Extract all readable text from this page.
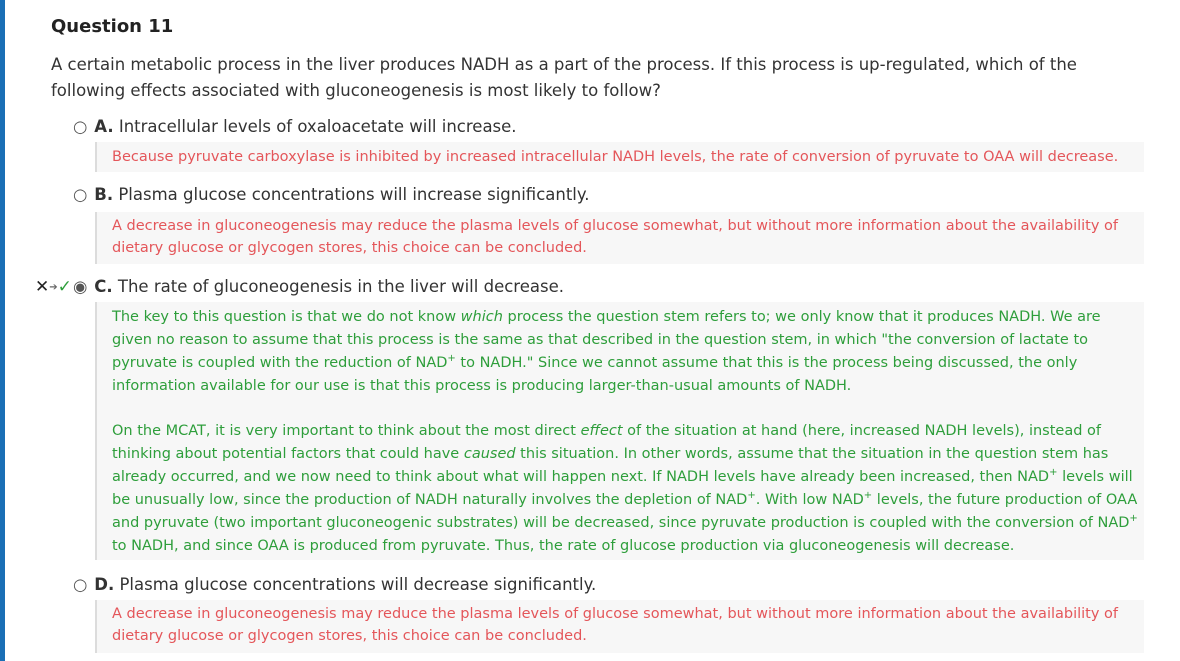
Question 11
A certain metabolic process in the liver produces NADH as a part of the process. If this process is up-regulated, which of the following effects associated with gluconeogenesis is most likely to follow?
○ A. Intracellular levels of oxaloacetate will increase.

Because pyruvate carboxylase is inhibited by increased intracellular NADH levels, the rate of conversion of pyruvate to OAA will decrease.

○ B. Plasma glucose concentrations will increase significantly.

A decrease in gluconeogenesis may reduce the plasma levels of glucose somewhat, but without more information about the availability of dietary glucose or glycogen stores, this choice can be concluded.

✕➔✓ ◉ C. The rate of gluconeogenesis in the liver will decrease.

The key to this question is that we do not know which process the question stem refers to; we only know that it produces NADH. We are given no reason to assume that this process is the same as that described in the question stem, in which "the conversion of lactate to pyruvate is coupled with the reduction of NAD+ to NADH." Since we cannot assume that this is the process being discussed, the only information available for our use is that this process is producing larger-than-usual amounts of NADH.

On the MCAT, it is very important to think about the most direct effect of the situation at hand (here, increased NADH levels), instead of thinking about potential factors that could have caused this situation. In other words, assume that the situation in the question stem has already occurred, and we now need to think about what will happen next. If NADH levels have already been increased, then NAD+ levels will be unusually low, since the production of NADH naturally involves the depletion of NAD+. With low NAD+ levels, the future production of OAA and pyruvate (two important gluconeogenic substrates) will be decreased, since pyruvate production is coupled with the conversion of NAD+ to NADH, and since OAA is produced from pyruvate. Thus, the rate of glucose production via gluconeogenesis will decrease.

○ D. Plasma glucose concentrations will decrease significantly.

A decrease in gluconeogenesis may reduce the plasma levels of glucose somewhat, but without more information about the availability of dietary glucose or glycogen stores, this choice can be concluded.
